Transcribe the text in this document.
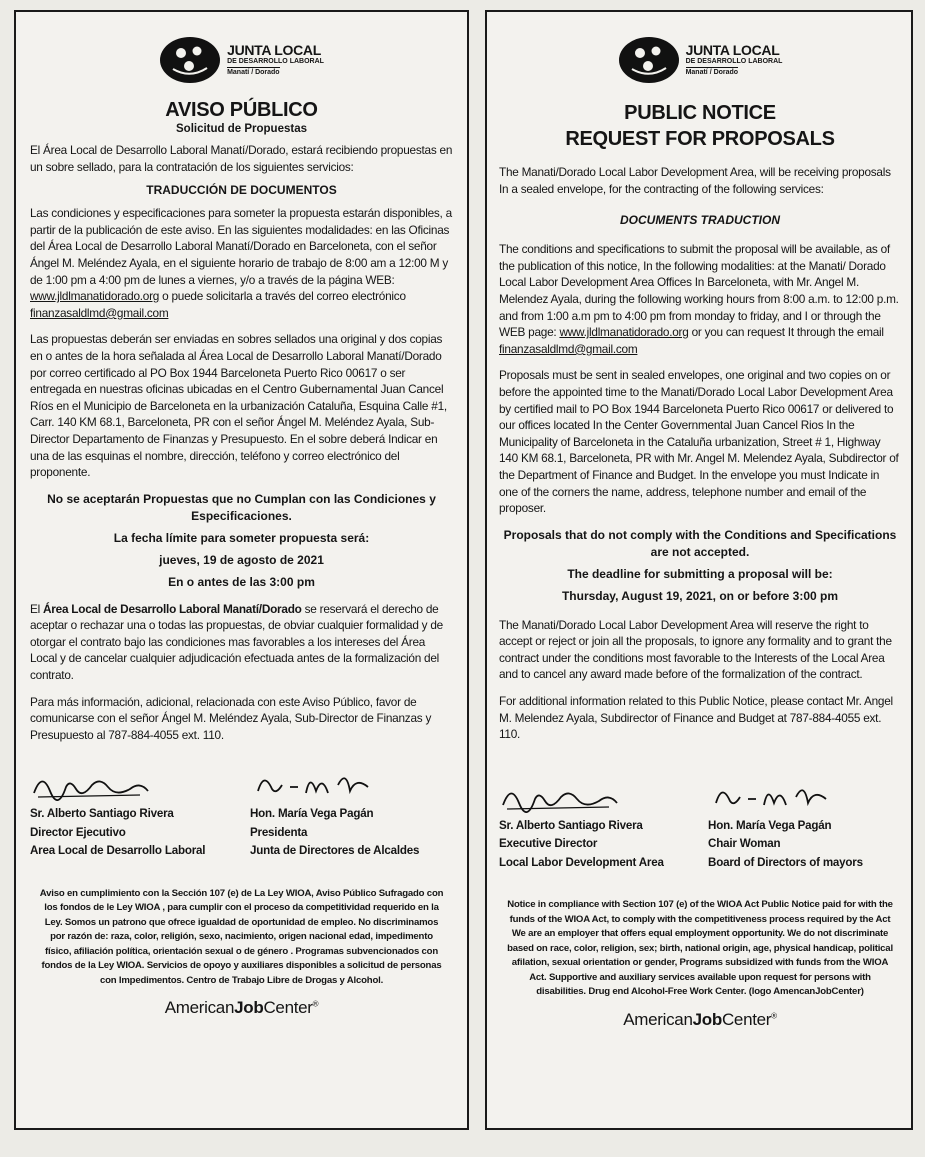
JUNTA LOCAL
DE DESARROLLO LABORAL
Manatí / Dorado
AVISO PÚBLICO
Solicitud de Propuestas

El Área Local de Desarrollo Laboral Manatí/Dorado, estará recibiendo propuestas en un sobre sellado, para la contratación de los siguientes servicios:

TRADUCCIÓN DE DOCUMENTOS

Las condiciones y especificaciones para someter la propuesta estarán disponibles, a partir de la publicación de este aviso. En las siguientes modalidades: en las Oficinas del Área Local de Desarrollo Laboral Manatí/Dorado en Barceloneta, con el señor Ángel M. Meléndez Ayala, en el siguiente horario de trabajo de 8:00 am a 12:00 M y de 1:00 pm a 4:00 pm de lunes a viernes, y/o a través de la página WEB: www.jldlmanatidorado.org o puede solicitarla a través del correo electrónico finanzasaldlmd@gmail.com

Las propuestas deberán ser enviadas en sobres sellados una original y dos copias en o antes de la hora señalada al Área Local de Desarrollo Laboral Manatí/Dorado por correo certificado al PO Box 1944 Barceloneta Puerto Rico 00617 o ser entregada en nuestras oficinas ubicadas en el Centro Gubernamental Juan Cancel Ríos en el Municipio de Barceloneta en la urbanización Cataluña, Esquina Calle #1, Carr. 140 KM 68.1, Barceloneta, PR con el señor Ángel M. Meléndez Ayala, Sub-Director Departamento de Finanzas y Presupuesto. En el sobre deberá Indicar en una de las esquinas el nombre, dirección, teléfono y correo electrónico del proponente.

No se aceptarán Propuestas que no Cumplan con las Condiciones y Especificaciones.
La fecha límite para someter propuesta será:
jueves, 19 de agosto de 2021
En o antes de las 3:00 pm

El Área Local de Desarrollo Laboral Manatí/Dorado se reservará el derecho de aceptar o rechazar una o todas las propuestas, de obviar cualquier formalidad y de otorgar el contrato bajo las condiciones mas favorables a los intereses del Área Local y de cancelar cualquier adjudicación efectuada antes de la formalización del contrato.

Para más información, adicional, relacionada con este Aviso Público, favor de comunicarse con el señor Ángel M. Meléndez Ayala, Sub-Director de Finanzas y Presupuesto al 787-884-4055 ext. 110.

Sr. Alberto Santiago Rivera
Director Ejecutivo
Area Local de Desarrollo Laboral
Hon. María Vega Pagán
Presidenta
Junta de Directores de Alcaldes
Aviso en cumplimiento con la Sección 107 (e) de La Ley WIOA, Aviso Público Sufragado con los fondos de le Ley WIOA , para cumplir con el proceso da competitividad requerido en la Ley. Somos un patrono que ofrece igualdad de oportunidad de empleo. No discriminamos por razón de: raza, color, religión, sexo, nacimiento, origen nacional edad, impedimento físico, afiliación política, orientación sexual o de género . Programas subvencionados con fondos de la Ley WIOA. Servicios de opoyo y auxiliares disponibles a solicitud de personas con Impedimentos. Centro de Trabajo Libre de Drogas y Alcohol.
AmericanJobCenter®
JUNTA LOCAL
DE DESARROLLO LABORAL
Manatí / Dorado
PUBLIC NOTICE
REQUEST FOR PROPOSALS

The Manati/Dorado Local Labor Development Area, will be receiving proposals In a sealed envelope, for the contracting of the following services:

DOCUMENTS TRADUCTION

The conditions and specifications to submit the proposal will be available, as of the publication of this notice, In the following modalities: at the Manati/ Dorado Local Labor Development Area Offices In Barceloneta, with Mr. Angel M. Melendez Ayala, during the following working hours from 8:00 a.m. to 12:00 p.m. and from 1:00 a.m pm to 4:00 pm from monday to friday, and I or through the WEB page: www.jldlmanatidorado.org or you can request It through the email finanzasaldlmd@gmail.com

Proposals must be sent in sealed envelopes, one original and two copies on or before the appointed time to the Manati/Dorado Local Labor Development Area by certified mail to PO Box 1944 Barceloneta Puerto Rico 00617 or delivered to our offices located In the Center Governmental Juan Cancel Rios In the Municipality of Barceloneta in the Cataluña urbanization, Street # 1, Highway 140 KM 68.1, Barceloneta, PR with Mr. Angel M. Melendez Ayala, Subdirector of the Department of Finance and Budget. In the envelope you must Indicate in one of the corners the name, address, telephone number and email of the proposer.

Proposals that do not comply with the Conditions and Specifications are not accepted.
The deadline for submitting a proposal will be:
Thursday, August 19, 2021, on or before 3:00 pm

The Manati/Dorado Local Labor Development Area will reserve the right to accept or reject or join all the proposals, to ignore any formality and to grant the contract under the conditions most favorable to the Interests of the Local Area and to cancel any award made before of the formalization of the contract.

For additional information related to this Public Notice, please contact Mr. Angel M. Melendez Ayala, Subdirector of Finance and Budget at 787-884-4055 ext. 110.

Sr. Alberto Santiago Rivera
Executive Director
Local Labor Development Area
Hon. María Vega Pagán
Chair Woman
Board of Directors of mayors
Notice in compliance with Section 107 (e) of the WIOA Act Public Notice paid for with the funds of the WIOA Act, to comply with the competitiveness process required by the Act We are an employer that offers equal employment opportunity. We do not discriminate based on race, color, religion, sex; birth, national origin, age, physical handicap, political afilation, sexual orientation or gender, Programs subsidized with funds from the WIOA Act. Supportive and auxiliary services available upon request for persons with disabilities. Drug end Alcohol-Free Work Center. (logo AmencanJobCenter)
AmericanJobCenter®
